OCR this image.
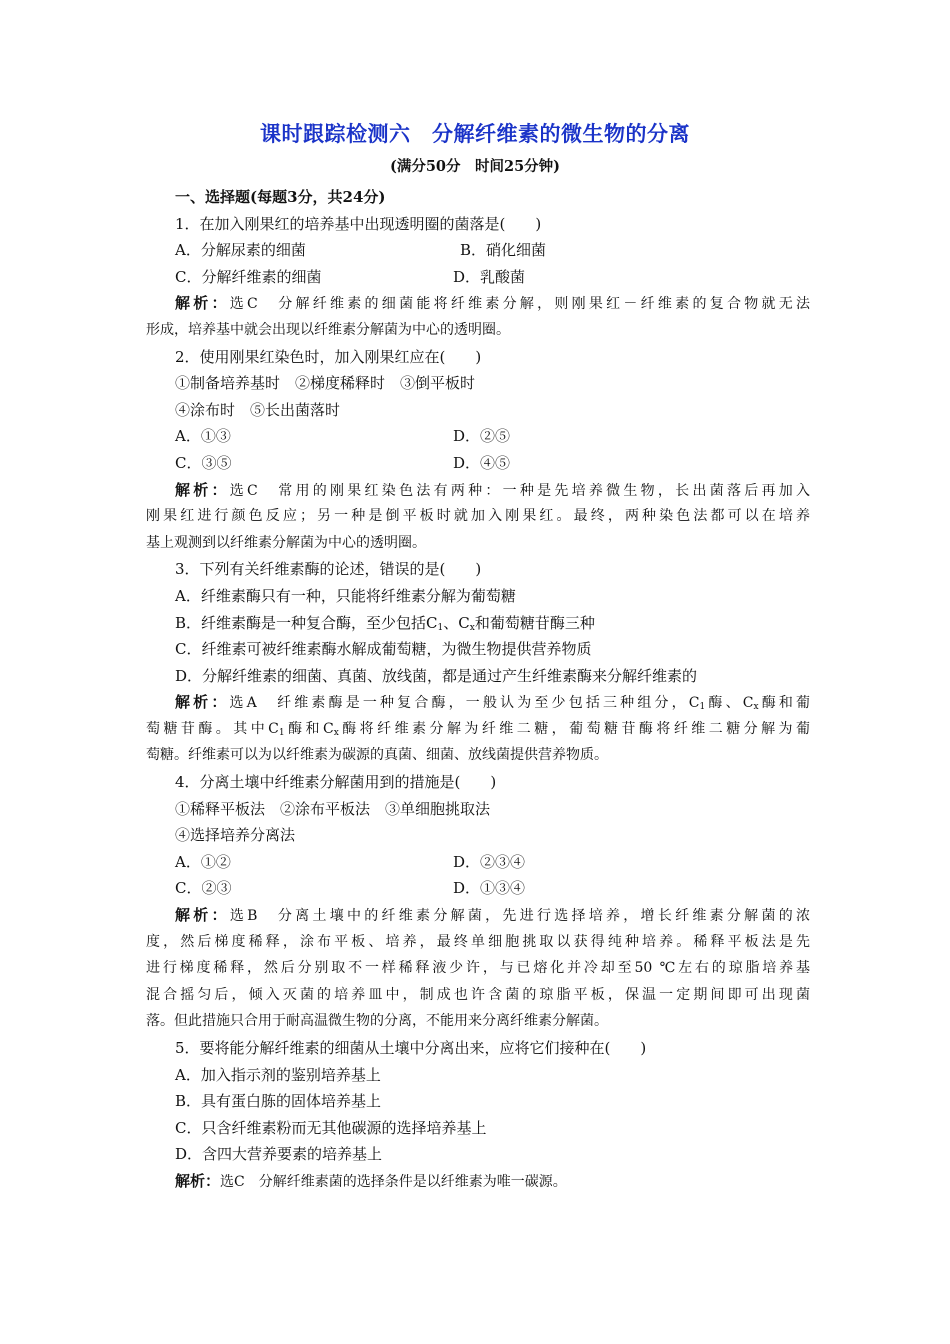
课时跟踪检测六　分解纤维素的微生物的分离
(满分50分　时间25分钟)
一、选择题(每题3分，共24分)
1．在加入刚果红的培养基中出现透明圈的菌落是(　　)
A．分解尿素的细菌	B．硝化细菌
C．分解纤维素的细菌	D．乳酸菌
解析：选C　分解纤维素的细菌能将纤维素分解，则刚果红－纤维素的复合物就无法
形成，培养基中就会出现以纤维素分解菌为中心的透明圈。
2．使用刚果红染色时，加入刚果红应在(　　)
①制备培养基时　②梯度稀释时　③倒平板时
④涂布时　⑤长出菌落时
A．①③	D．②⑤
C．③⑤	D．④⑤
解析：选C　常用的刚果红染色法有两种：一种是先培养微生物，长出菌落后再加入
刚果红进行颜色反应；另一种是倒平板时就加入刚果红。最终，两种染色法都可以在培养
基上观测到以纤维素分解菌为中心的透明圈。
3．下列有关纤维素酶的论述，错误的是(　　)
A．纤维素酶只有一种，只能将纤维素分解为葡萄糖
B．纤维素酶是一种复合酶，至少包括$C_1$、$C_x$和葡萄糖苷酶三种
C．纤维素可被纤维素酶水解成葡萄糖，为微生物提供营养物质
D．分解纤维素的细菌、真菌、放线菌，都是通过产生纤维素酶来分解纤维素的
解析：选A　纤维素酶是一种复合酶，一般认为至少包括三种组分，$C_1$酶、$C_x$酶和葡
萄糖苷酶。其中$C_1$酶和$C_x$酶将纤维素分解为纤维二糖，葡萄糖苷酶将纤维二糖分解为葡
萄糖。纤维素可以为以纤维素为碳源的真菌、细菌、放线菌提供营养物质。
4．分离土壤中纤维素分解菌用到的措施是(　　)
①稀释平板法　②涂布平板法　③单细胞挑取法
④选择培养分离法
A．①②	D．②③④
C．②③	D．①③④
解析：选B　分离土壤中的纤维素分解菌，先进行选择培养，增长纤维素分解菌的浓
度，然后梯度稀释，涂布平板、培养，最终单细胞挑取以获得纯种培养。稀释平板法是先
进行梯度稀释，然后分别取不一样稀释液少许，与已熔化并冷却至50 ℃左右的琼脂培养基
混合摇匀后，倾入灭菌的培养皿中，制成也许含菌的琼脂平板，保温一定期间即可出现菌
落。但此措施只合用于耐高温微生物的分离，不能用来分离纤维素分解菌。
5．要将能分解纤维素的细菌从土壤中分离出来，应将它们接种在(　　)
A．加入指示剂的鉴别培养基上
B．具有蛋白胨的固体培养基上
C．只含纤维素粉而无其他碳源的选择培养基上
D．含四大营养要素的培养基上
解析：选C　分解纤维素菌的选择条件是以纤维素为唯一碳源。
